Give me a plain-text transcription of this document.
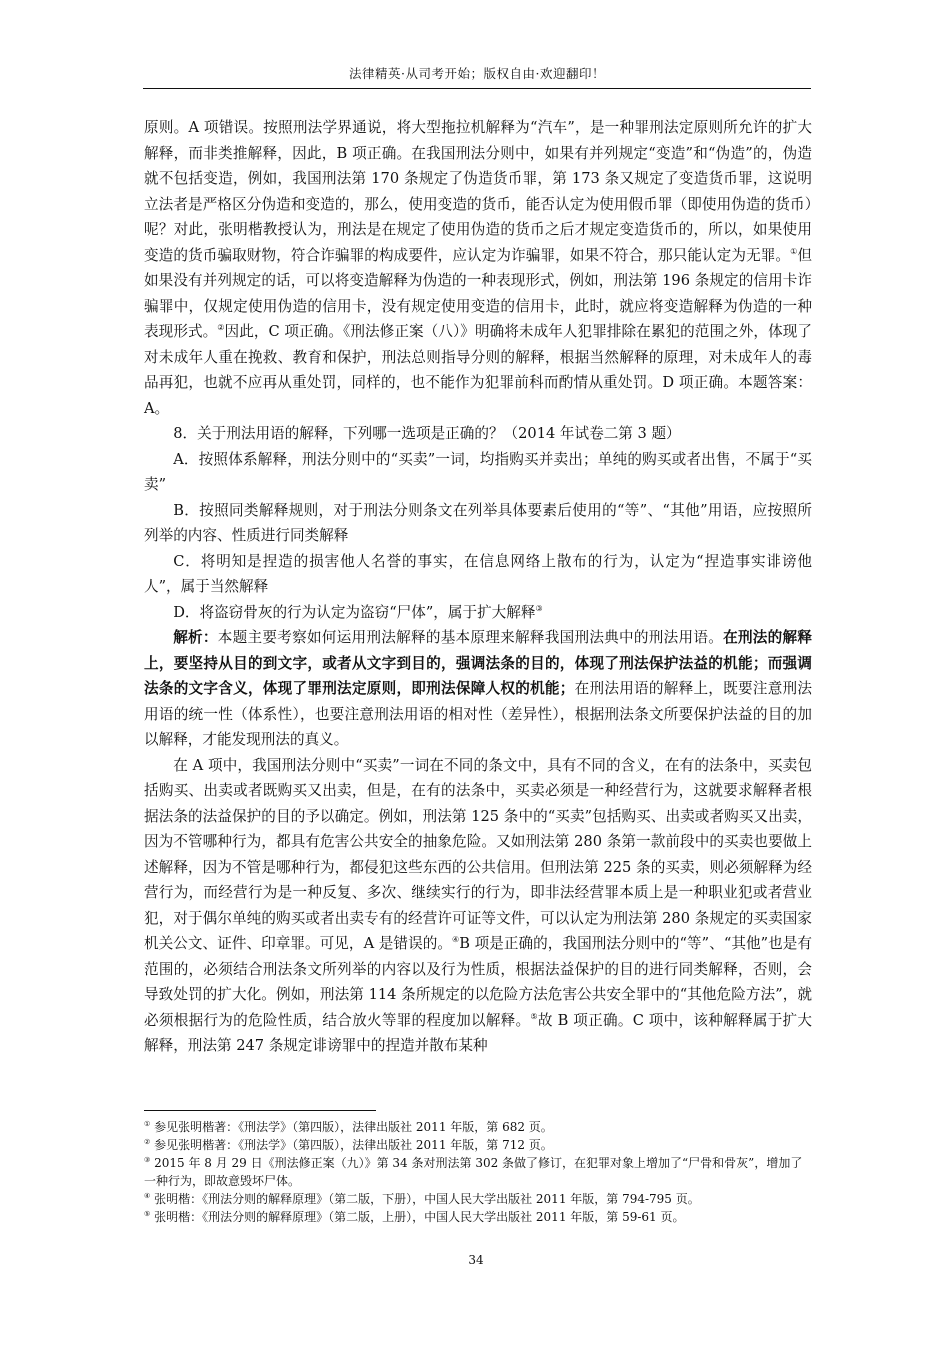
法律精英·从司考开始；版权自由·欢迎翻印！

原则。A 项错误。按照刑法学界通说，将大型拖拉机解释为“汽车”，是一种罪刑法定原则所允许的扩大解释，而非类推解释，因此，B 项正确。在我国刑法分则中，如果有并列规定“变造”和“伪造”的，伪造就不包括变造，例如，我国刑法第 170 条规定了伪造货币罪，第 173 条又规定了变造货币罪，这说明立法者是严格区分伪造和变造的，那么，使用变造的货币，能否认定为使用假币罪（即使用伪造的货币）呢？对此，张明楷教授认为，刑法是在规定了使用伪造的货币之后才规定变造货币的，所以，如果使用变造的货币骗取财物，符合诈骗罪的构成要件，应认定为诈骗罪，如果不符合，那只能认定为无罪。①但如果没有并列规定的话，可以将变造解释为伪造的一种表现形式，例如，刑法第 196 条规定的信用卡诈骗罪中，仅规定使用伪造的信用卡，没有规定使用变造的信用卡，此时，就应将变造解释为伪造的一种表现形式。②因此，C 项正确。《刑法修正案（八）》明确将未成年人犯罪排除在累犯的范围之外，体现了对未成年人重在挽救、教育和保护，刑法总则指导分则的解释，根据当然解释的原理，对未成年人的毒品再犯，也就不应再从重处罚，同样的，也不能作为犯罪前科而酌情从重处罚。D 项正确。本题答案：A。

8．关于刑法用语的解释，下列哪一选项是正确的？（2014 年试卷二第 3 题）

A．按照体系解释，刑法分则中的“买卖”一词，均指购买并卖出；单纯的购买或者出售，不属于“买卖”

B．按照同类解释规则，对于刑法分则条文在列举具体要素后使用的“等”、“其他”用语，应按照所列举的内容、性质进行同类解释

C．将明知是捏造的损害他人名誉的事实，在信息网络上散布的行为，认定为“捏造事实诽谤他人”，属于当然解释

D．将盗窃骨灰的行为认定为盗窃“尸体”，属于扩大解释③

解析：本题主要考察如何运用刑法解释的基本原理来解释我国刑法典中的刑法用语。在刑法的解释上，要坚持从目的到文字，或者从文字到目的，强调法条的目的，体现了刑法保护法益的机能；而强调法条的文字含义，体现了罪刑法定原则，即刑法保障人权的机能；在刑法用语的解释上，既要注意刑法用语的统一性（体系性），也要注意刑法用语的相对性（差异性），根据刑法条文所要保护法益的目的加以解释，才能发现刑法的真义。

在 A 项中，我国刑法分则中“买卖”一词在不同的条文中，具有不同的含义，在有的法条中，买卖包括购买、出卖或者既购买又出卖，但是，在有的法条中，买卖必须是一种经营行为，这就要求解释者根据法条的法益保护的目的予以确定。例如，刑法第 125 条中的“买卖”包括购买、出卖或者购买又出卖，因为不管哪种行为，都具有危害公共安全的抽象危险。又如刑法第 280 条第一款前段中的买卖也要做上述解释，因为不管是哪种行为，都侵犯这些东西的公共信用。但刑法第 225 条的买卖，则必须解释为经营行为，而经营行为是一种反复、多次、继续实行的行为，即非法经营罪本质上是一种职业犯或者营业犯，对于偶尔单纯的购买或者出卖专有的经营许可证等文件，可以认定为刑法第 280 条规定的买卖国家机关公文、证件、印章罪。可见，A 是错误的。④B 项是正确的，我国刑法分则中的“等”、“其他”也是有范围的，必须结合刑法条文所列举的内容以及行为性质，根据法益保护的目的进行同类解释，否则，会导致处罚的扩大化。例如，刑法第 114 条所规定的以危险方法危害公共安全罪中的“其他危险方法”，就必须根据行为的危险性质，结合放火等罪的程度加以解释。⑤故 B 项正确。C 项中，该种解释属于扩大解释，刑法第 247 条规定诽谤罪中的捏造并散布某种

① 参见张明楷著：《刑法学》（第四版），法律出版社 2011 年版，第 682 页。

② 参见张明楷著：《刑法学》（第四版），法律出版社 2011 年版，第 712 页。

③ 2015 年 8 月 29 日《刑法修正案（九）》第 34 条对刑法第 302 条做了修订，在犯罪对象上增加了“尸骨和骨灰”，增加了一种行为，即故意毁坏尸体。

④ 张明楷：《刑法分则的解释原理》（第二版，下册），中国人民大学出版社 2011 年版，第 794-795 页。

⑤ 张明楷：《刑法分则的解释原理》（第二版，上册），中国人民大学出版社 2011 年版，第 59-61 页。

34
